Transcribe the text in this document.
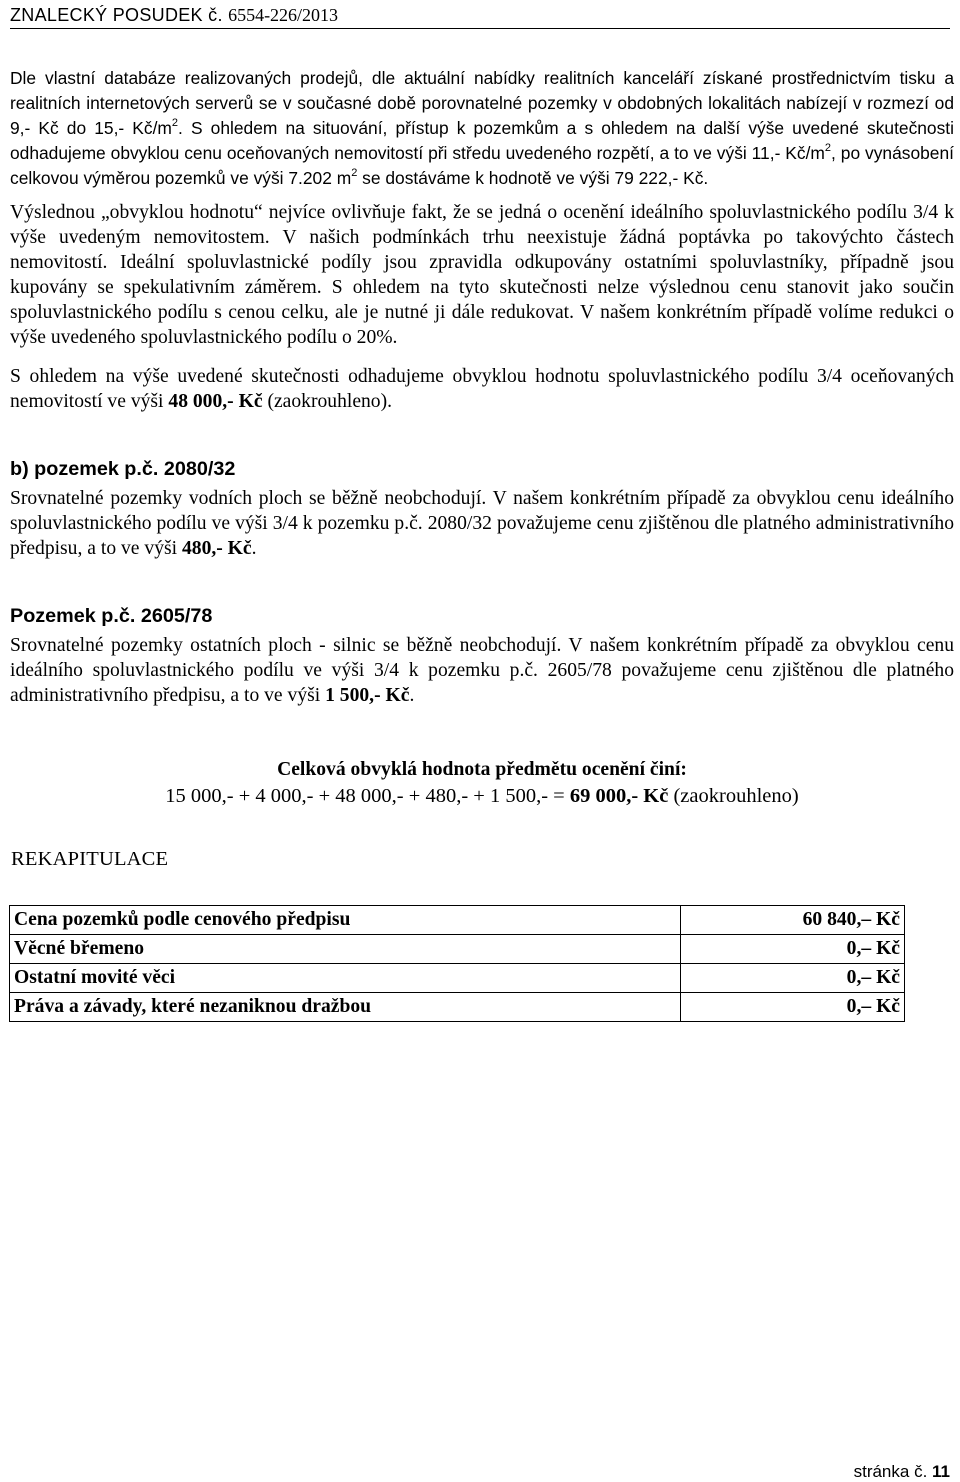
ZNALECKÝ POSUDEK č. 6554-226/2013

Dle vlastní databáze realizovaných prodejů, dle aktuální nabídky realitních kanceláří získané prostřednictvím tisku a realitních internetových serverů se v současné době porovnatelné pozemky v obdobných lokalitách nabízejí v rozmezí od 9,- Kč do 15,- $Kč/m^2$. S ohledem na situování, přístup k pozemkům a s ohledem na další výše uvedené skutečnosti odhadujeme obvyklou cenu oceňovaných nemovitostí při středu uvedeného rozpětí, a to ve výši 11,- $Kč/m^2$, po vynásobení celkovou výměrou pozemků ve výši 7.202 $m^2$ se dostáváme k hodnotě ve výši 79 222,- Kč.

Výslednou „obvyklou hodnotu“ nejvíce ovlivňuje fakt, že se jedná o ocenění ideálního spoluvlastnického podílu 3/4 k výše uvedeným nemovitostem. V našich podmínkách trhu neexistuje žádná poptávka po takovýchto částech nemovitostí. Ideální spoluvlastnické podíly jsou zpravidla odkupovány ostatními spoluvlastníky, případně jsou kupovány se spekulativním záměrem. S ohledem na tyto skutečnosti nelze výslednou cenu stanovit jako součin spoluvlastnického podílu s cenou celku, ale je nutné ji dále redukovat. V našem konkrétním případě volíme redukci o výše uvedeného spoluvlastnického podílu o 20%.

S ohledem na výše uvedené skutečnosti odhadujeme obvyklou hodnotu spoluvlastnického podílu 3/4 oceňovaných nemovitostí ve výši 48 000,- Kč (zaokrouhleno).

b) pozemek p.č. 2080/32

Srovnatelné pozemky vodních ploch se běžně neobchodují. V našem konkrétním případě za obvyklou cenu ideálního spoluvlastnického podílu ve výši 3/4 k pozemku p.č. 2080/32 považujeme cenu zjištěnou dle platného administrativního předpisu, a to ve výši 480,- Kč.

Pozemek p.č. 2605/78

Srovnatelné pozemky ostatních ploch - silnic se běžně neobchodují. V našem konkrétním případě za obvyklou cenu ideálního spoluvlastnického podílu ve výši 3/4 k pozemku p.č. 2605/78 považujeme cenu zjištěnou dle platného administrativního předpisu, a to ve výši 1 500,- Kč.

Celková obvyklá hodnota předmětu ocenění činí:
15 000,- + 4 000,- + 48 000,- + 480,- + 1 500,- = 69 000,- Kč (zaokrouhleno)
REKAPITULACE
Cena pozemků podle cenového předpisu	60 840,– Kč
Věcné břemeno	0,– Kč
Ostatní movité věci	0,– Kč
Práva a závady, které nezaniknou dražbou	0,– Kč
stránka č. 11
